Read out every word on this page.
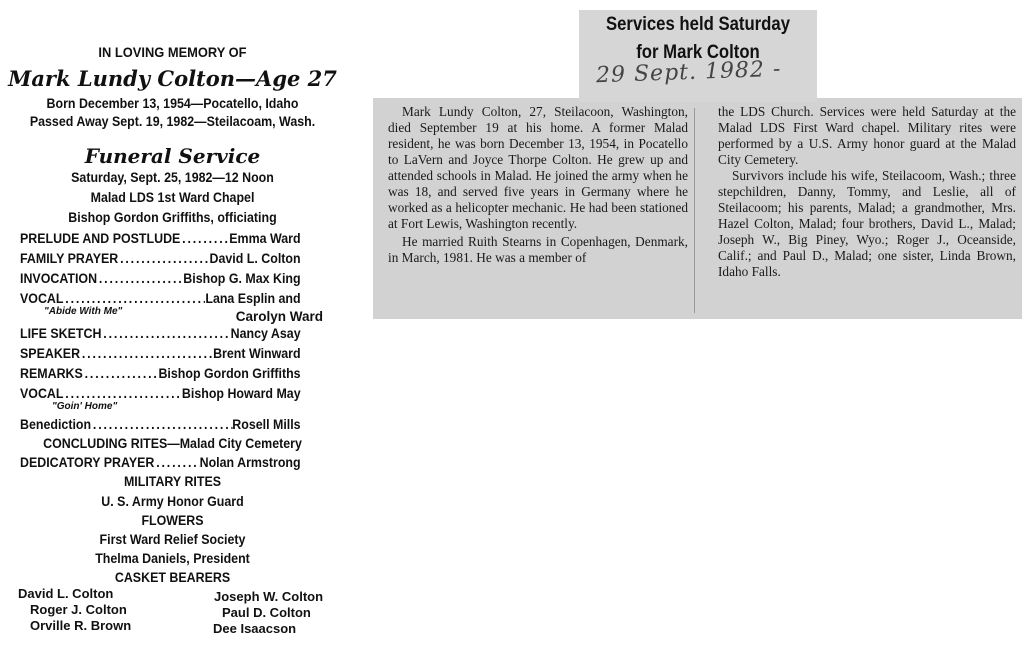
IN LOVING MEMORY OF
Mark Lundy Colton—Age 27
Born December 13, 1954—Pocatello, Idaho
Passed Away Sept. 19, 1982—Steilacoam, Wash.
Funeral Service
Saturday, Sept. 25, 1982—12 Noon
Malad LDS 1st Ward Chapel
Bishop Gordon Griffiths, officiating
PRELUDE AND POSTLUDE .....	Emma Ward
FAMILY PRAYER .....	David L. Colton
INVOCATION .....	Bishop G. Max King
VOCAL .....	Lana Esplin and
"Abide With Me"	Carolyn Ward
LIFE SKETCH .....	Nancy Asay
SPEAKER .....	Brent Winward
REMARKS .....	Bishop Gordon Griffiths
VOCAL .....	Bishop Howard May
"Goin' Home"
Benediction .....	Rosell Mills
CONCLUDING RITES—Malad City Cemetery
DEDICATORY PRAYER .....	Nolan Armstrong
MILITARY RITES
U. S. Army Honor Guard
FLOWERS
First Ward Relief Society
Thelma Daniels, President
CASKET BEARERS
David L. Colton
Roger J. Colton
Orville R. Brown
Joseph W. Colton
Paul D. Colton
Dee Isaacson
Services held Saturday
for Mark Colton
29 Sept. 1982 -

Mark Lundy Colton, 27, Steilacoon, Washington, died September 19 at his home. A former Malad resident, he was born December 13, 1954, in Pocatello to LaVern and Joyce Thorpe Colton. He grew up and attended schools in Malad. He joined the army when he was 18, and served five years in Germany where he worked as a helicopter mechanic. He had been stationed at Fort Lewis, Washington recently.

He married Ruith Stearns in Copenhagen, Denmark, in March, 1981. He was a member of

the LDS Church. Services were held Saturday at the Malad LDS First Ward chapel. Military rites were performed by a U.S. Army honor guard at the Malad City Cemetery.

Survivors include his wife, Steilacoom, Wash.; three stepchildren, Danny, Tommy, and Leslie, all of Steilacoom; his parents, Malad; a grandmother, Mrs. Hazel Colton, Malad; four brothers, David L., Malad; Joseph W., Big Piney, Wyo.; Roger J., Oceanside, Calif.; and Paul D., Malad; one sister, Linda Brown, Idaho Falls.
